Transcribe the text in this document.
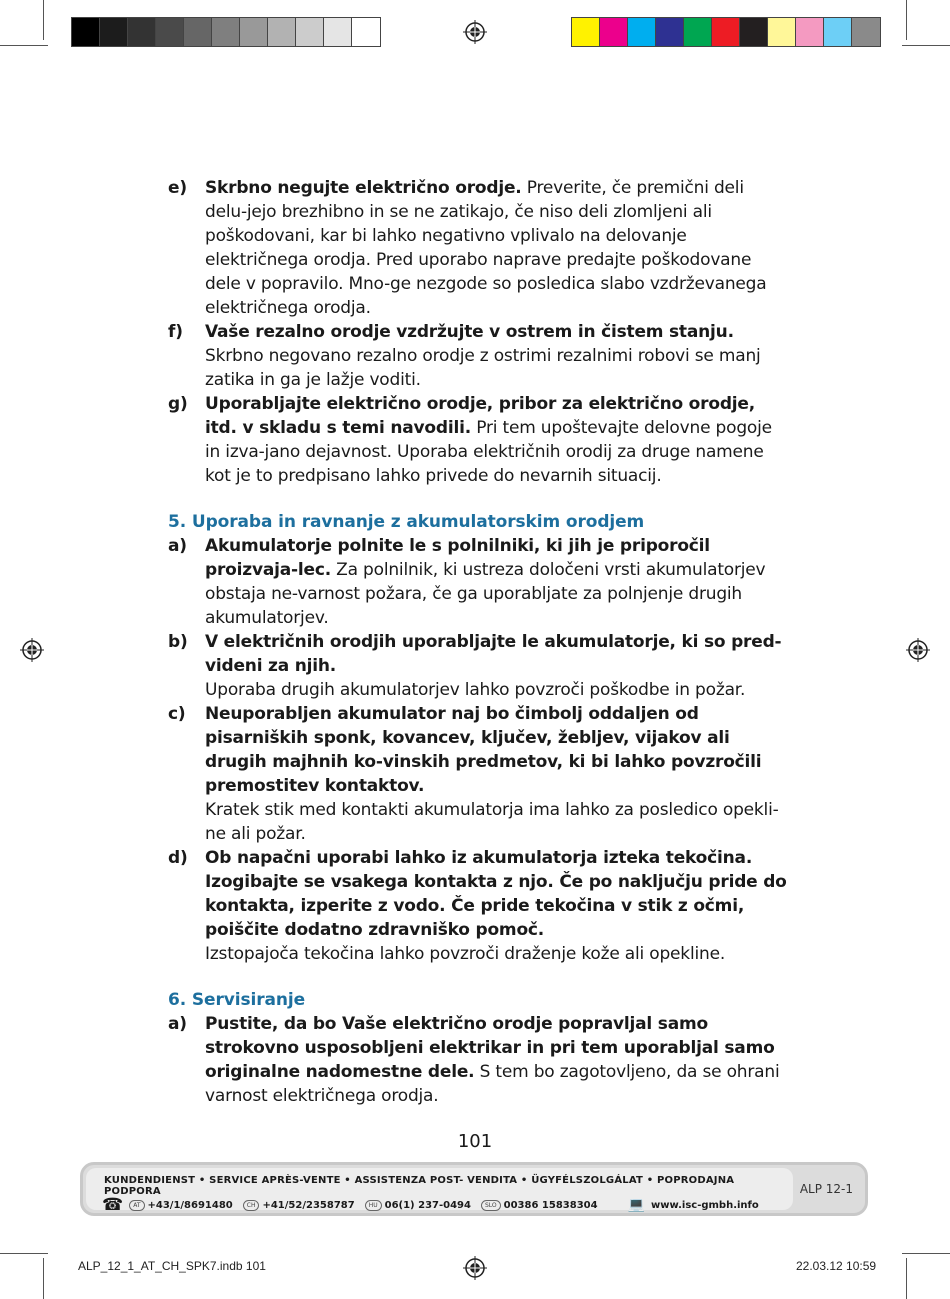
e)	Skrbno negujte električno orodje. Preverite, če premični deli delu-jejo brezhibno in se ne zatikajo, če niso deli zlomljeni ali poškodovani, kar bi lahko negativno vplivalo na delovanje električnega orodja. Pred uporabo naprave predajte poškodovane dele v popravilo. Mno-ge nezgode so posledica slabo vzdrževanega električnega orodja.
f)	Vaše rezalno orodje vzdržujte v ostrem in čistem stanju. Skrbno negovano rezalno orodje z ostrimi rezalnimi robovi se manj zatika in ga je lažje voditi.
g)	Uporabljajte električno orodje, pribor za električno orodje, itd. v skladu s temi navodili. Pri tem upoštevajte delovne pogoje in izva-jano dejavnost. Uporaba električnih orodij za druge namene kot je to predpisano lahko privede do nevarnih situacij.
5. Uporaba in ravnanje z akumulatorskim orodjem
a)	Akumulatorje polnite le s polnilniki, ki jih je priporočil proizvaja-lec. Za polnilnik, ki ustreza določeni vrsti akumulatorjev obstaja ne-varnost požara, če ga uporabljate za polnjenje drugih akumulatorjev.
b)	V električnih orodjih uporabljajte le akumulatorje, ki so pred-videni za njih.
Uporaba drugih akumulatorjev lahko povzroči poškodbe in požar.
c)	Neuporabljen akumulator naj bo čimbolj oddaljen od pisarniških sponk, kovancev, ključev, žebljev, vijakov ali drugih majhnih ko-vinskih predmetov, ki bi lahko povzročili premostitev kontaktov.
Kratek stik med kontakti akumulatorja ima lahko za posledico opekli-ne ali požar.
d)	Ob napačni uporabi lahko iz akumulatorja izteka tekočina. Izogibajte se vsakega kontakta z njo. Če po naključju pride do kontakta, izperite z vodo. Če pride tekočina v stik z očmi, poiščite dodatno zdravniško pomoč.
Izstopajoča tekočina lahko povzroči draženje kože ali opekline.
6. Servisiranje
a)	Pustite, da bo Vaše električno orodje popravljal samo strokovno usposobljeni elektrikar in pri tem uporabljal samo originalne nadomestne dele. S tem bo zagotovljeno, da se ohrani varnost električnega orodja.
101
KUNDENDIENST • SERVICE APRÈS-VENTE • ASSISTENZA POST- VENDITA • ÜGYFÉLSZOLGÁLAT • POPRODAJNA PODPORA
☎	AT +43/1/8691480	CH +41/52/2358787	HU 06(1) 237-0494	SLO 00386 15838304 💻 www.isc-gmbh.info
ALP 12-1
ALP_12_1_AT_CH_SPK7.indb 101	22.03.12 10:59
